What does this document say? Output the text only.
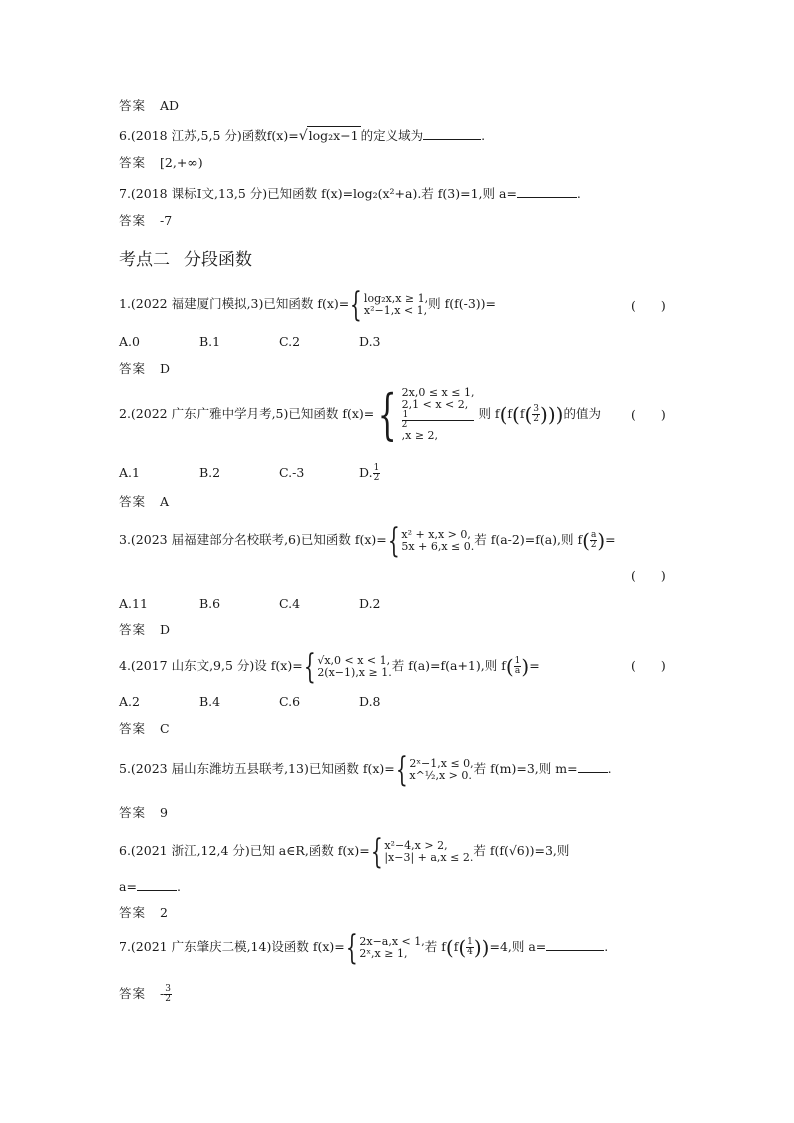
答案 AD
6.(2018 江苏,5,5 分)函数f(x)=√log₂x−1 的定义域为	.
答案 [2,+∞)
7.(2018 课标Ⅰ文,13,5 分)已知函数 f(x)=log₂(x²+a).若 f(3)=1,则 a=	.
答案 -7
考点二 分段函数
1.(2022 福建厦门模拟,3)已知函数 f(x)={ log₂x,x ≥ 1,
x²−1,x < 1, 则 f(f(-3))=	(　　)
A.0	B.1	C.2	D.3
答案 D
2.(2022 广东广雅中学月考,5)已知函数 f(x)={ 2x,0 ≤ x ≤ 1,
2,1 < x < 2,
1
2
,x ≥ 2,
则 $f(f(f( \frac{3}{2}$ )))的值为 (　　)
A.1	B.2	C.-3	D. $\frac{1}{2}$
答案 A
3.(2023 届福建部分名校联考,6)已知函数 f(x)={ x² + x,x > 0,
5x + 6,x ≤ 0. 若 f(a-2)=f(a),则 $f( \frac{a}{2}$ )=
(　　)
A.11	B.6	C.4	D.2
答案 D
4.(2017 山东文,9,5 分)设 f(x)={ √x,0 < x < 1,
2(x−1),x ≥ 1. 若 f(a)=f(a+1),则 $f( \frac{1}{a}$ )=	(　　)
A.2	B.4	C.6	D.8
答案 C
5.(2023 届山东潍坊五县联考,13)已知函数 f(x)={ 2ˣ−1,x ≤ 0,
x^½,x > 0. 若 f(m)=3,则 m= .
答案 9
6.(2021 浙江,12,4 分)已知 a∈R,函数 f(x)={ x²−4,x > 2,
|x−3| + a,x ≤ 2. 若 f(f(√6))=3,则
a=	.
答案 2
7.(2021 广东肇庆二模,14)设函数 f(x)={ 2x−a,x < 1,
2ˣ,x ≥ 1,	若 $f(f( \frac{1}{4} ))=4$,则 a=	.
答案 - $\frac{3}{2}$
